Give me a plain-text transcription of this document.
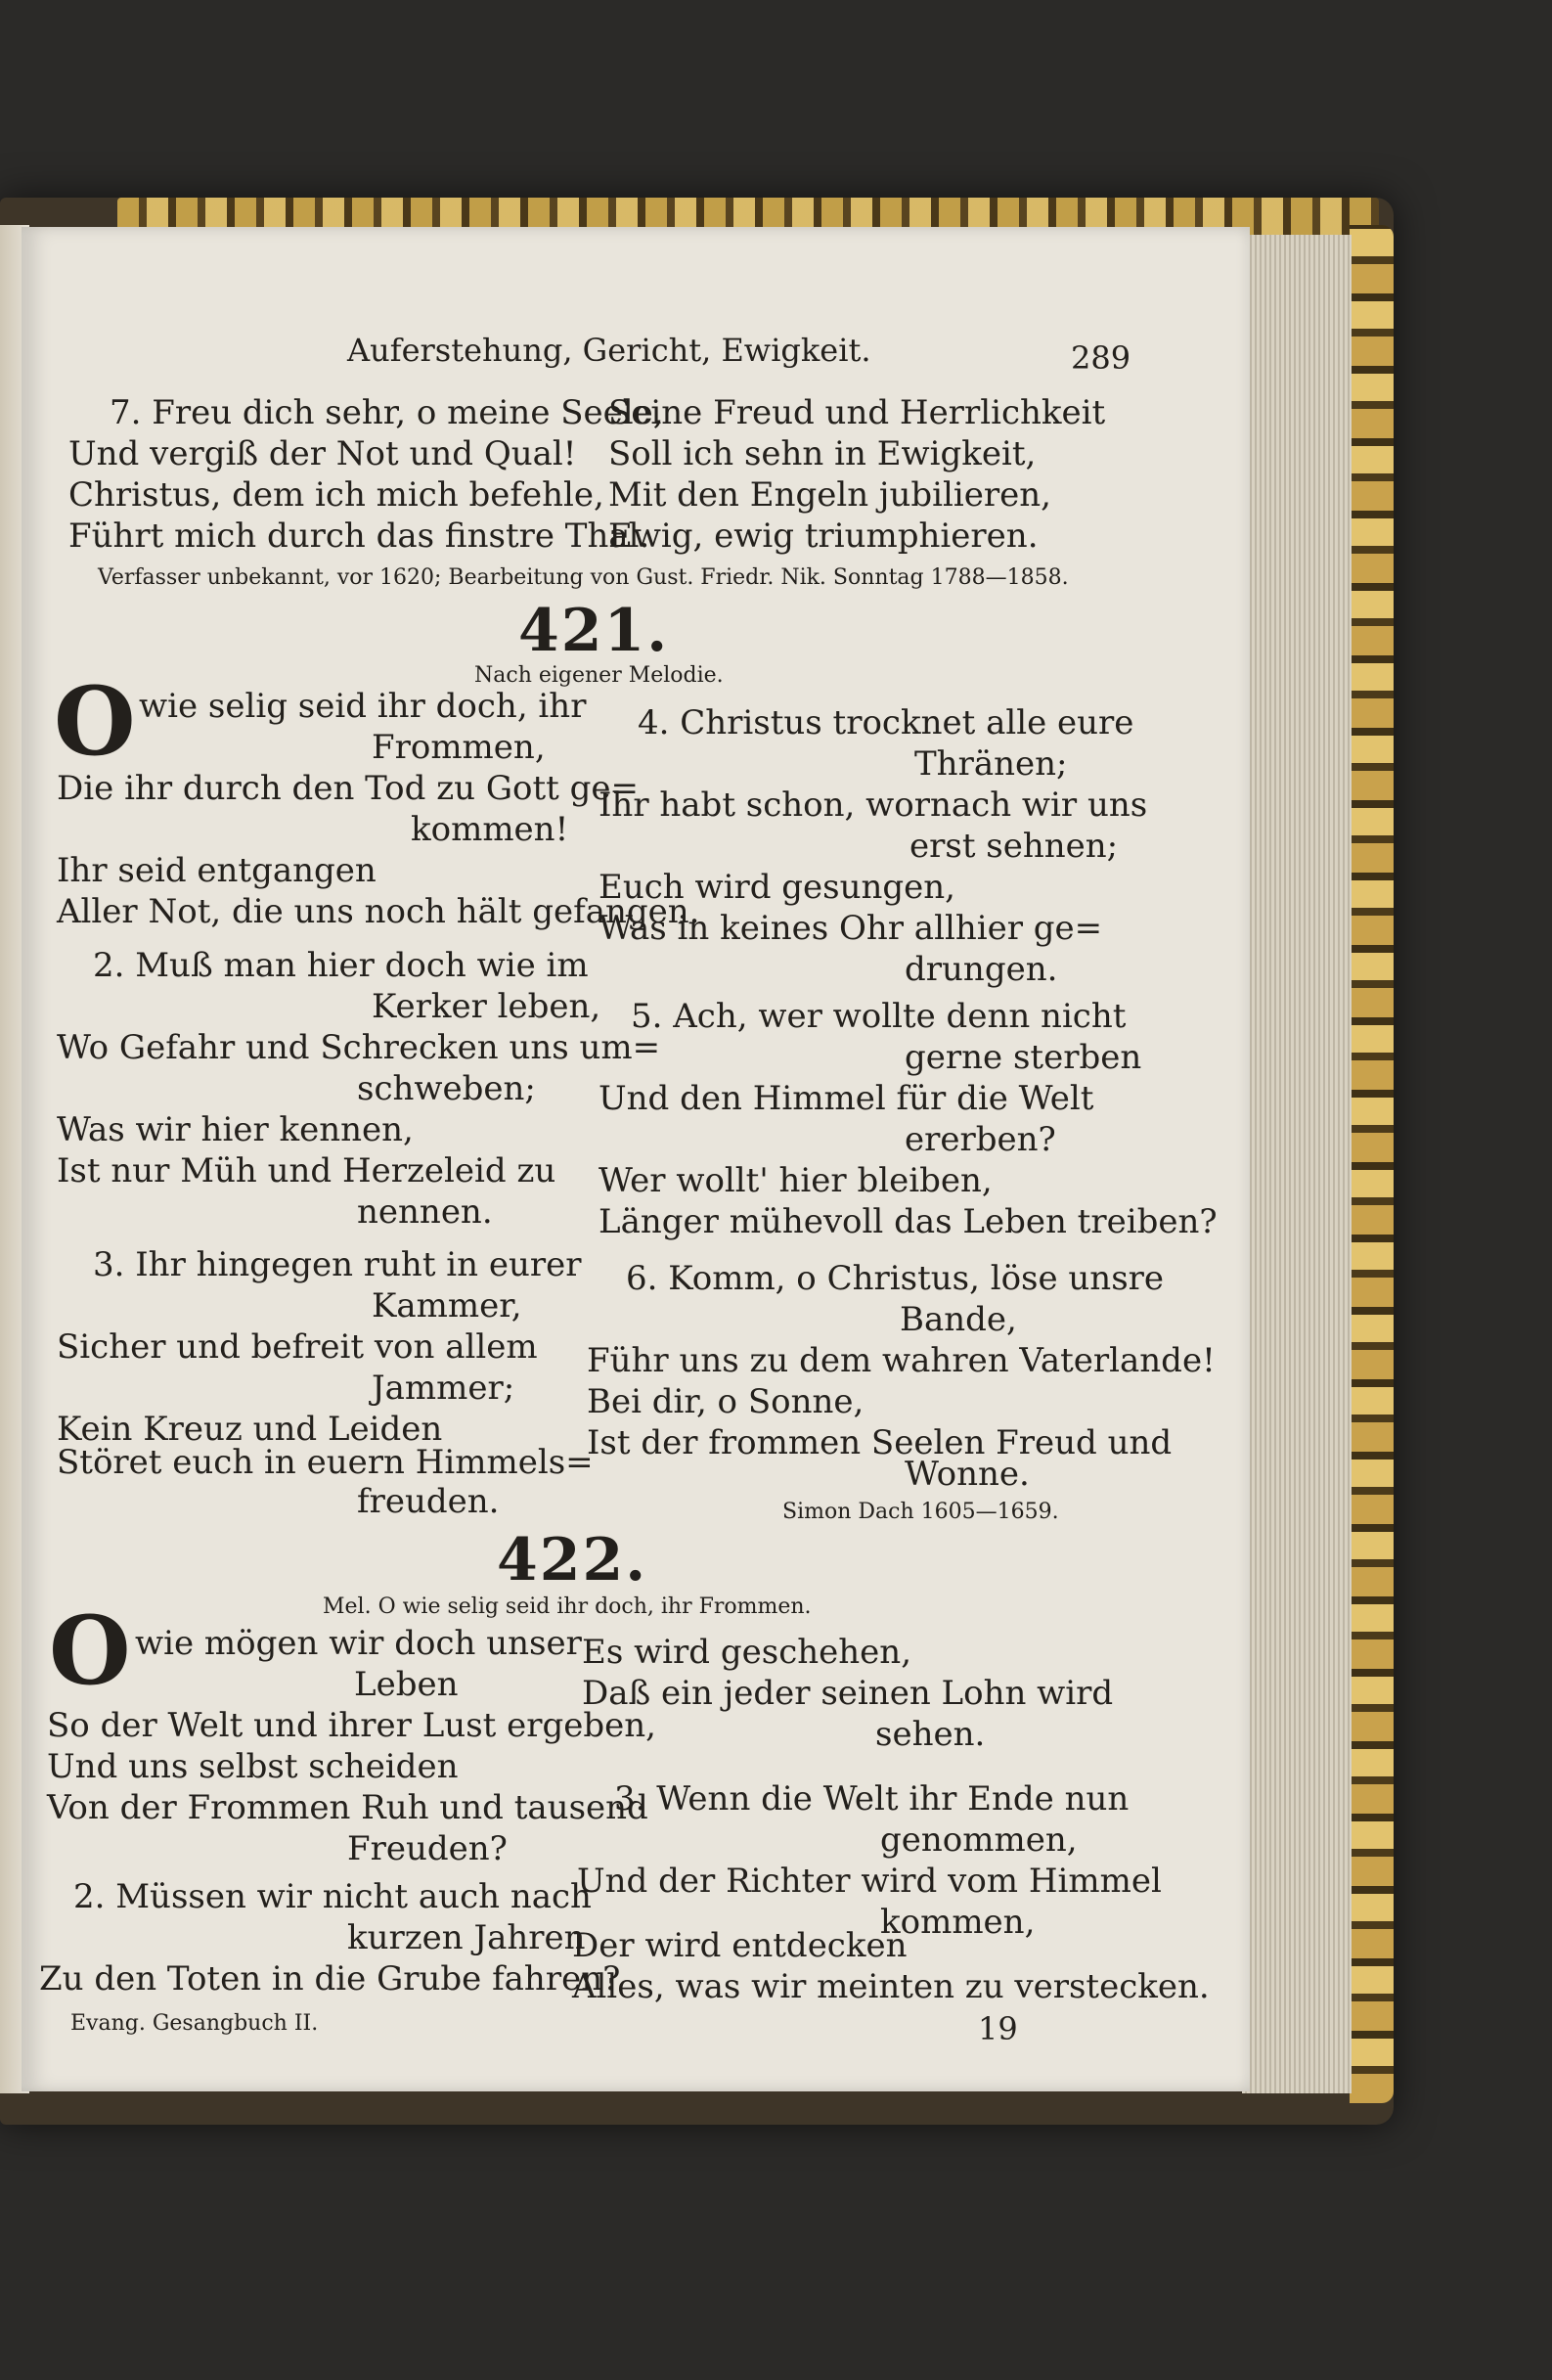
Auferstehung, Gericht, Ewigkeit.	289
7. Freu dich sehr, o meine Seele,
Und vergiß der Not und Qual!
Christus, dem ich mich befehle,
Führt mich durch das finstre Thal.
Seine Freud und Herrlichkeit
Soll ich sehn in Ewigkeit,
Mit den Engeln jubilieren,
Ewig, ewig triumphieren.
Verfasser unbekannt, vor 1620; Bearbeitung von Gust. Friedr. Nik. Sonntag 1788—1858.
421.
Nach eigener Melodie.
O wie selig seid ihr doch, ihr
Frommen,
Die ihr durch den Tod zu Gott ge=
kommen!
Ihr seid entgangen
Aller Not, die uns noch hält gefangen.
2. Muß man hier doch wie im
Kerker leben,
Wo Gefahr und Schrecken uns um=
schweben;
Was wir hier kennen,
Ist nur Müh und Herzeleid zu
nennen.
3. Ihr hingegen ruht in eurer
Kammer,
Sicher und befreit von allem
Jammer;
Kein Kreuz und Leiden
Störet euch in euern Himmels=
freuden.
4. Christus trocknet alle eure
Thränen;
Ihr habt schon, wornach wir uns
erst sehnen;
Euch wird gesungen,
Was in keines Ohr allhier ge=
drungen.
5. Ach, wer wollte denn nicht
gerne sterben
Und den Himmel für die Welt
ererben?
Wer wollt' hier bleiben,
Länger mühevoll das Leben treiben?
6. Komm, o Christus, löse unsre
Bande,
Führ uns zu dem wahren Vaterlande!
Bei dir, o Sonne,
Ist der frommen Seelen Freud und
Wonne.
Simon Dach 1605—1659.
422.
Mel. O wie selig seid ihr doch, ihr Frommen.
O wie mögen wir doch unser
Leben
So der Welt und ihrer Lust ergeben,
Und uns selbst scheiden
Von der Frommen Ruh und tausend
Freuden?
2. Müssen wir nicht auch nach
kurzen Jahren
Zu den Toten in die Grube fahren?
Es wird geschehen,
Daß ein jeder seinen Lohn wird
sehen.
3. Wenn die Welt ihr Ende nun
genommen,
Und der Richter wird vom Himmel
kommen,
Der wird entdecken
Alles, was wir meinten zu verstecken.
Evang. Gesangbuch II.	19
